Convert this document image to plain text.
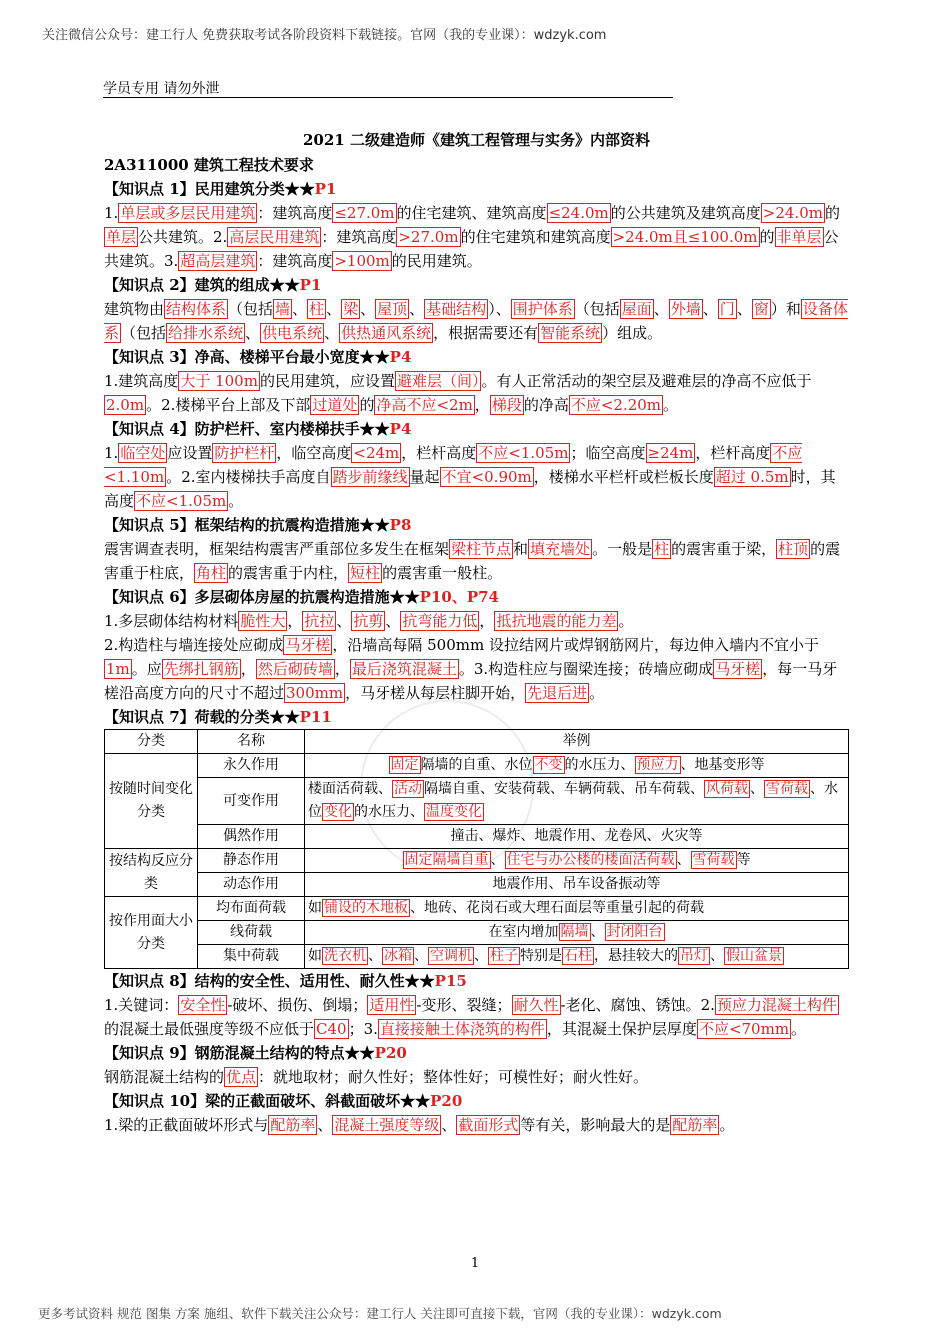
关注微信公众号：建工行人 免费获取考试各阶段资料下载链接。官网（我的专业课）：wdzyk.com
学员专用 请勿外泄

2021 二级建造师《建筑工程管理与实务》内部资料

2A311000 建筑工程技术要求

【知识点 1】民用建筑分类★★P1

1. 单层或多层民用建筑 ：建筑高度 ≤27.0m 的住宅建筑、建筑高度 ≤24.0m 的公共建筑及建筑高度 >24.0m 的单层 公共建筑。2. 高层民用建筑 ：建筑高度 >27.0m 的住宅建筑和建筑高度 >24.0m且≤100.0m 的 非单层 公共建筑。3. 超高层建筑 ：建筑高度 >100m 的民用建筑。

【知识点 2】建筑的组成★★P1

建筑物由 结构体系 （包括 墙 、 柱 、 梁 、 屋顶 、 基础结构 ）、 围护体系 （包括 屋面 、 外墙 、 门 、 窗 ）和 设备体系 （包括 给排水系统 、 供电系统 、 供热通风系统 ，根据需要还有 智能系统 ）组成。

【知识点 3】净高、楼梯平台最小宽度★★P4

1.建筑高度 大于 100m 的民用建筑，应设置 避难层（间） 。有人正常活动的架空层及避难层的净高不应低于2.0m 。2.楼梯平台上部及下部 过道处 的 净高不应<2m ， 梯段 的净高 不应<2.20m 。

【知识点 4】防护栏杆、室内楼梯扶手★★P4

1. 临空处 应设置 防护栏杆 ，临空高度 <24m ，栏杆高度 不应<1.05m ；临空高度 ≥24m ，栏杆高度 不应<1.10m 。2.室内楼梯扶手高度自 踏步前缘线 量起 不宜<0.90m ，楼梯水平栏杆或栏板长度 超过 0.5m 时，其高度 不应<1.05m 。

【知识点 5】框架结构的抗震构造措施★★P8

震害调查表明，框架结构震害严重部位多发生在框架 梁柱节点 和 填充墙处 。一般是 柱 的震害重于梁， 柱顶 的震害重于柱底， 角柱 的震害重于内柱， 短柱 的震害重一般柱。

【知识点 6】多层砌体房屋的抗震构造措施★★P10、P74

1.多层砌体结构材料 脆性大 ， 抗拉 、 抗剪 、 抗弯能力低 ， 抵抗地震的能力差 。

2.构造柱与墙连接处应砌成 马牙槎 ，沿墙高每隔 500mm 设拉结网片或焊钢筋网片，每边伸入墙内不宜小于1m 。应 先绑扎钢筋 ， 然后砌砖墙 ， 最后浇筑混凝土 。3.构造柱应与圈梁连接；砖墙应砌成 马牙槎 ，每一马牙槎沿高度方向的尺寸不超过 300mm ，马牙槎从每层柱脚开始， 先退后进 。

【知识点 7】荷载的分类★★P11

分类	名称	举例
按随时间变化分类	永久作用	固定 隔墙的自重、水位 不变 的水压力、 预应力 、地基变形等
	可变作用	楼面活荷载、 活动 隔墙自重、安装荷载、车辆荷载、吊车荷载、 风荷载 、 雪荷载 、水位 变化 的水压力、 温度变化
	偶然作用	撞击、爆炸、地震作用、龙卷风、火灾等
按结构反应分类	静态作用	固定隔墙自重 、 住宅与办公楼的楼面活荷载 、 雪荷载 等
	动态作用	地震作用、吊车设备振动等
按作用面大小分类	均布面荷载	如 铺设的木地板 、地砖、花岗石或大理石面层等重量引起的荷载
	线荷载	在室内增加 隔墙 、 封闭阳台
	集中荷载	如 洗衣机 、 冰箱 、 空调机 、 柱子 特别是 石柱 ，悬挂较大的 吊灯 、 假山盆景

【知识点 8】结构的安全性、适用性、耐久性★★P15

1.关键词： 安全性 -破坏、损伤、倒塌； 适用性 -变形、裂缝； 耐久性 -老化、腐蚀、锈蚀。2. 预应力混凝土构件的混凝土最低强度等级不应低于 C40 ；3. 直接接触土体浇筑的构件 ，其混凝土保护层厚度 不应<70mm 。

【知识点 9】钢筋混凝土结构的特点★★P20

钢筋混凝土结构的 优点 ：就地取材；耐久性好；整体性好；可模性好；耐火性好。

【知识点 10】梁的正截面破坏、斜截面破坏★★P20

1.梁的正截面破坏形式与 配筋率 、 混凝土强度等级 、 截面形式 等有关，影响最大的是 配筋率 。

1
更多考试资料 规范 图集 方案 施组、软件下载关注公众号：建工行人 关注即可直接下载，官网（我的专业课）：wdzyk.com
